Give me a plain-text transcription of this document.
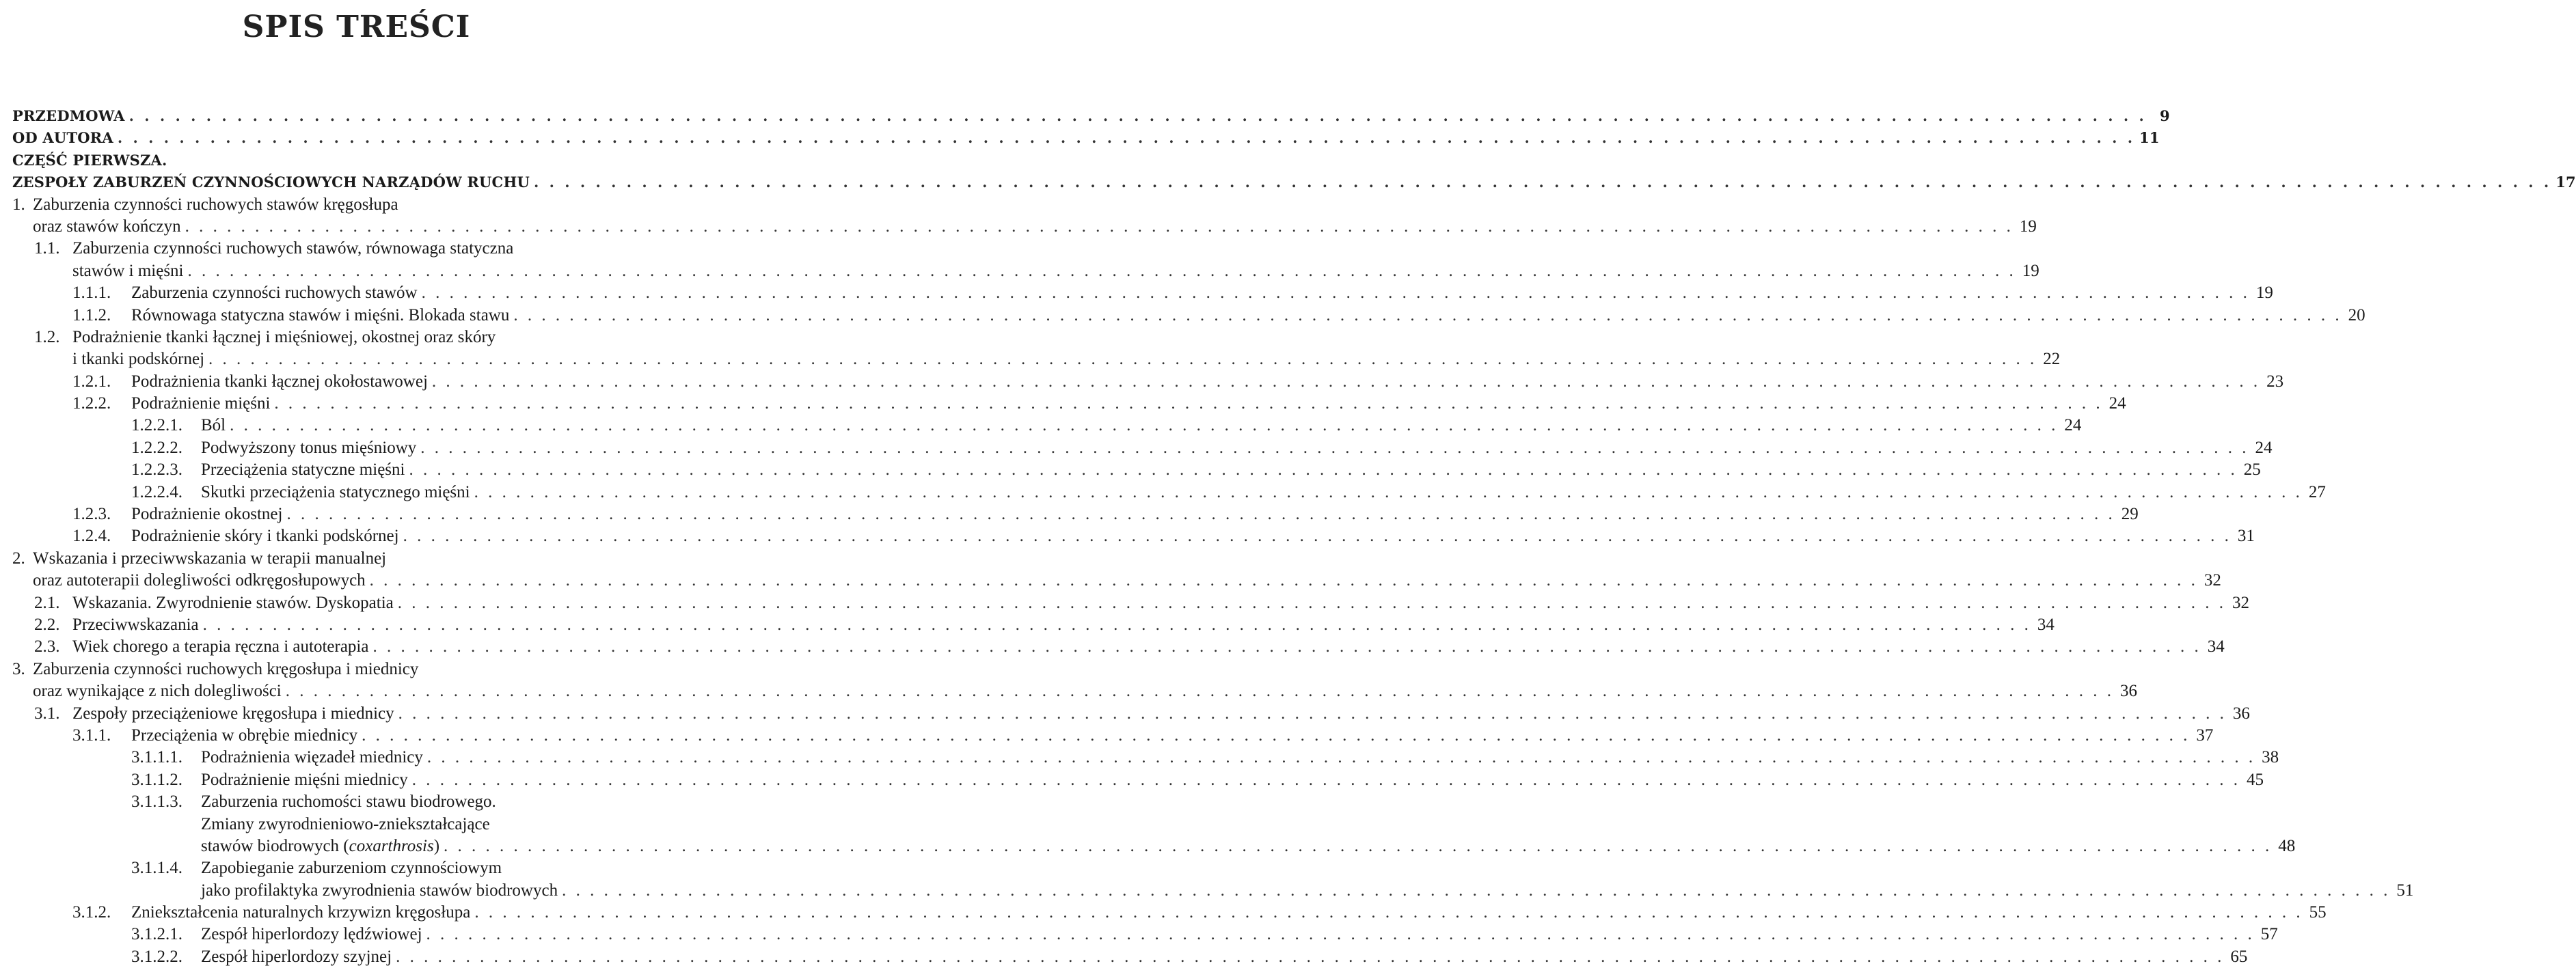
SPIS TREŚCI
PRZEDMOWA . . .	9
OD AUTORA . . .	11
CZĘŚĆ PIERWSZA.
ZESPOŁY ZABURZEŃ CZYNNOŚCIOWYCH NARZĄDÓW RUCHU . . .	17
1. Zaburzenia czynności ruchowych stawów kręgosłupa
oraz stawów kończyn . . .	19
1.1. Zaburzenia czynności ruchowych stawów, równowaga statyczna
stawów i mięśni . . .	19
1.1.1.	Zaburzenia czynności ruchowych stawów . . .	19
1.1.2.	Równowaga statyczna stawów i mięśni. Blokada stawu . . .	20
1.2. Podrażnienie tkanki łącznej i mięśniowej, okostnej oraz skóry
i tkanki podskórnej . . .	22
1.2.1.	Podrażnienia tkanki łącznej okołostawowej . . .	23
1.2.2.	Podrażnienie mięśni . . .	24
1.2.2.1.	Ból . . .	24
1.2.2.2.	Podwyższony tonus mięśniowy . . .	24
1.2.2.3.	Przeciążenia statyczne mięśni . . .	25
1.2.2.4.	Skutki przeciążenia statycznego mięśni . . .	27
1.2.3.	Podrażnienie okostnej . . .	29
1.2.4.	Podrażnienie skóry i tkanki podskórnej . . .	31
2. Wskazania i przeciwwskazania w terapii manualnej
oraz autoterapii dolegliwości odkręgosłupowych . . .	32
2.1. Wskazania. Zwyrodnienie stawów. Dyskopatia . . .	32
2.2. Przeciwwskazania . . .	34
2.3. Wiek chorego a terapia ręczna i autoterapia . . .	34
3. Zaburzenia czynności ruchowych kręgosłupa i miednicy
oraz wynikające z nich dolegliwości . . .	36
3.1. Zespoły przeciążeniowe kręgosłupa i miednicy . . .	36
3.1.1.	Przeciążenia w obrębie miednicy . . .	37
3.1.1.1.	Podrażnienia więzadeł miednicy . . .	38
3.1.1.2.	Podrażnienie mięśni miednicy . . .	45
3.1.1.3.	Zaburzenia ruchomości stawu biodrowego.
Zmiany zwyrodnieniowo-zniekształcające
stawów biodrowych (coxarthrosis) . . .	48
3.1.1.4.	Zapobieganie zaburzeniom czynnościowym
jako profilaktyka zwyrodnienia stawów biodrowych . . .	51
3.1.2.	Zniekształcenia naturalnych krzywizn kręgosłupa . . .	55
3.1.2.1.	Zespół hiperlordozy lędźwiowej . . .	57
3.1.2.2.	Zespół hiperlordozy szyjnej . . .	65
